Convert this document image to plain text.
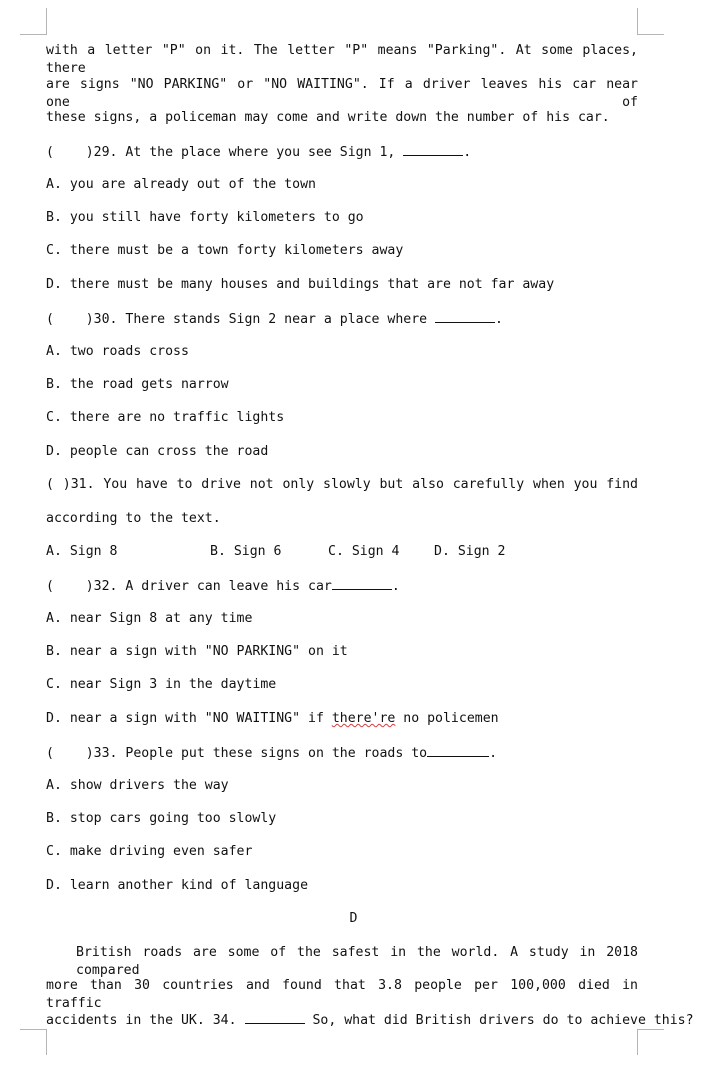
with a letter "P" on it. The letter "P" means "Parking". At some places, there
are signs "NO PARKING" or "NO WAITING". If a driver leaves his car near one of
these signs, a policeman may come and write down the number of his car.
(    )29. At the place where you see Sign 1,	.
A. you are already out of the town
B. you still have forty kilometers to go
C. there must be a town forty kilometers away
D. there must be many houses and buildings that are not far away
(    )30. There stands Sign 2 near a place where	.
A. two roads cross
B. the road gets narrow
C. there are no traffic lights
D. people can cross the road
( )31. You have to drive not only slowly but also carefully when you find
according to the text.

A. Sign 8

	B. Sign 6

	C. Sign 4

	D. Sign 2

(    )32. A driver can leave his car	.
A. near Sign 8 at any time
B. near a sign with "NO PARKING" on it
C. near Sign 3 in the daytime
D. near a sign with "NO WAITING" if there're no policemen
(    )33. People put these signs on the roads to	.
A. show drivers the way
B. stop cars going too slowly
C. make driving even safer
D. learn another kind of language
D
British roads are some of the safest in the world. A study in 2018 compared
more than 30 countries and found that 3.8 people per 100,000 died in traffic
accidents in the UK. 34.	So, what did British drivers do to achieve this?
